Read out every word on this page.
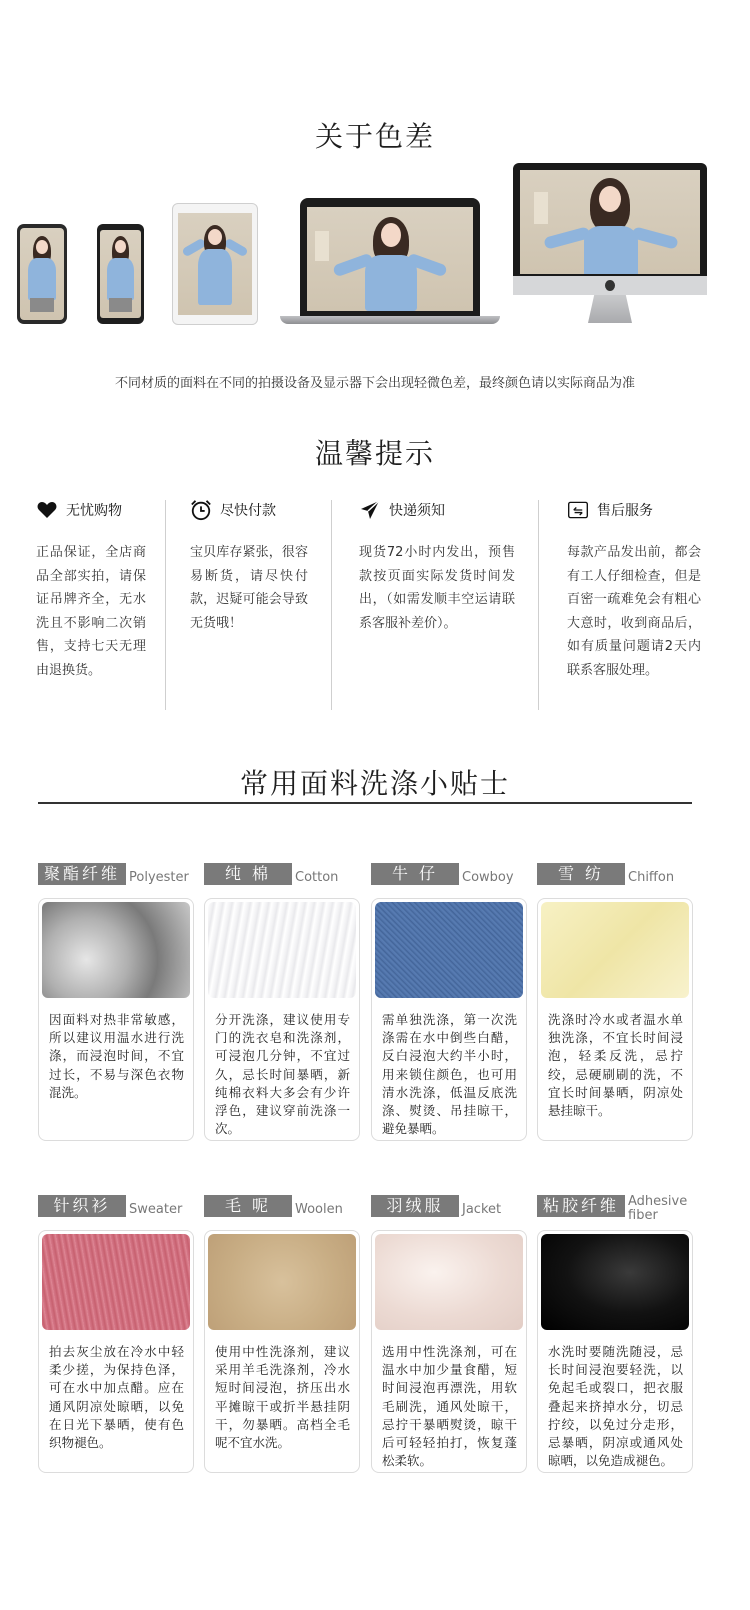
关于色差
不同材质的面料在不同的拍摄设备及显示器下会出现轻微色差，最终颜色请以实际商品为准
温馨提示
无忧购物
正品保证，全店商品全部实拍，请保证吊牌齐全，无水洗且不影响二次销售，支持七天无理由退换货。
尽快付款
宝贝库存紧张，很容易断货，请尽快付款，迟疑可能会导致无货哦！
快递须知
现货72小时内发出，预售款按页面实际发货时间发出，（如需发顺丰空运请联系客服补差价）。
售后服务
每款产品发出前，都会有工人仔细检查，但是百密一疏难免会有粗心大意时，收到商品后，如有质量问题请2天内联系客服处理。
常用面料洗涤小贴士
聚酯纤维 Polyester
因面料对热非常敏感，所以建议用温水进行洗涤，而浸泡时间，不宜过长，不易与深色衣物混洗。
纯 棉	Cotton
分开洗涤，建议使用专门的洗衣皂和洗涤剂，可浸泡几分钟，不宜过久，忌长时间暴晒，新纯棉衣料大多会有少许浮色，建议穿前洗涤一次。
牛 仔	Cowboy
需单独洗涤，第一次洗涤需在水中倒些白醋，反白浸泡大约半小时，用来锁住颜色，也可用清水洗涤，低温反底洗涤、熨烫、吊挂晾干，避免暴晒。
雪 纺	Chiffon
洗涤时冷水或者温水单独洗涤，不宜长时间浸泡，轻柔反洗，忌拧绞，忌硬刷刷的洗，不宜长时间暴晒，阴凉处悬挂晾干。
针织衫	Sweater
拍去灰尘放在冷水中轻柔少搓，为保持色泽，可在水中加点醋。应在通风阴凉处晾晒，以免在日光下暴晒，使有色织物褪色。
毛 呢	Woolen
使用中性洗涤剂，建议采用羊毛洗涤剂，冷水短时间浸泡，挤压出水平摊晾干或折半悬挂阴干，勿暴晒。高档全毛呢不宜水洗。
羽绒服	Jacket
选用中性洗涤剂，可在温水中加少量食醋，短时间浸泡再漂洗，用软毛刷洗，通风处晾干，忌拧干暴晒熨烫，晾干后可轻轻拍打，恢复蓬松柔软。
粘胶纤维 Adhesive fiber
水洗时要随洗随浸，忌长时间浸泡要轻洗，以免起毛或裂口，把衣服叠起来挤掉水分，切忌拧绞，以免过分走形，忌暴晒，阴凉或通风处晾晒，以免造成褪色。
